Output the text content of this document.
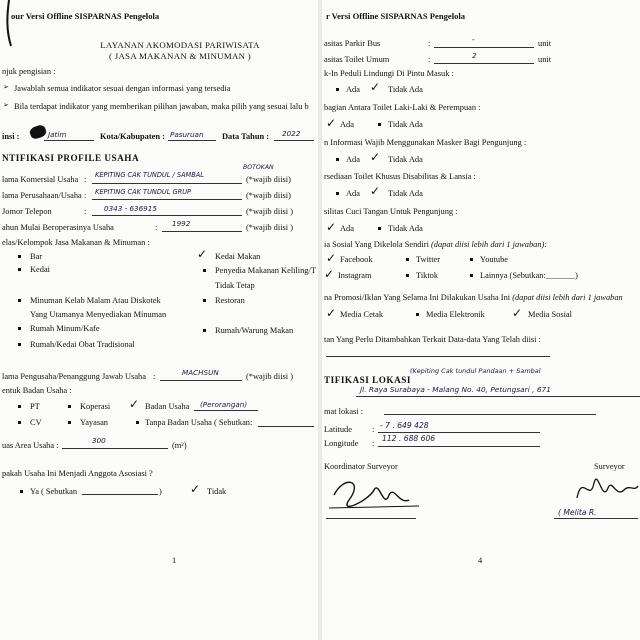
our Versi Offline SISPARNAS Pengelola
LAYANAN AKOMODASI PARIWISATA
( JASA MAKANAN & MINUMAN )
njuk pengisian :
➢ Jawablah semua indikator sesuai dengan informasi yang tersedia
➢ Bila terdapat indikator yang memberikan pilihan jawaban, maka pilih yang sesuai lalu b
insi :	Jatim	Kota/Kabupaten : Pasuruan Data Tahun : 2022
NTIFIKASI PROFILE USAHA
lama Komersial Usaha : KEPITING CAK TUNDUL / SAMBAL
BOTOKAN
(*wajib diisi)
lama Perusahaan/Usaha : KEPITING CAK TUNDUL GRUP	(*wajib diisi)
Jomor Telepon	: 0343 - 636915	(*wajib diisi )
ahun Mulai Beroperasinya Usaha	: 1992	(*wajib diisi )
elas/Kelompok Jasa Makanan & Minuman :
Bar	✓ Kedai Makan
Kedai	Penyedia Makanan Keliling/T
Tidak Tetap
Minuman Kelab Malam Atau Diskotek
Yang Utamanya Menyediakan Minuman
Restoran
Rumah Minum/Kafe	Rumah/Warung Makan
Rumah/Kedai Obat Tradisional
lama Pengusaha/Penanggung Jawab Usaha :	MACHSUN	(*wajib diisi )
entuk Badan Usaha :
PT	Koperasi ✓ Badan Usaha (Perorangan)
CV	Yayasan	Tanpa Badan Usaha ( Sebutkan:
uas Area Usaha :
300
(m²)
pakah Usaha Ini Menjadi Anggota Asosiasi ?
Ya ( Sebutkan	) ✓ Tidak
1
r Versi Offline SISPARNAS Pengelola
asitas Parkir Bus	:	-	unit
asitas Toilet Umum	:	2	unit
k-In Peduli Lindungi Di Pintu Masuk :
Ada ✓ Tidak Ada
bagian Antara Toilet Laki-Laki & Perempuan :
✓ Ada	Tidak Ada
n Informasi Wajib Menggunakan Masker Bagi Pengunjung :
Ada ✓ Tidak Ada
rsediaan Toilet Khusus Disabilitas & Lansia :
Ada ✓ Tidak Ada
silitas Cuci Tangan Untuk Pengunjung :
✓ Ada	Tidak Ada
ia Sosial Yang Dikelola Sendiri (dapat diisi lebih dari 1 jawaban):
✓ Facebook	Twitter	Youtube
✓ Instagram	Tiktok	Lainnya (Sebutkan:_______)
na Promosi/Iklan Yang Selama Ini Dilakukan Usaha Ini (dapat diisi lebih dari 1 jawaban
✓ Media Cetak	Media Elektronik ✓ Media Sosial
tan Yang Perlu Ditambahkan Terkait Data-data Yang Telah diisi :
TIFIKASI LOKASI
(Kepiting Cak tundul Pandaan + Sambal
Jl. Raya Surabaya - Malang No. 40, Petungsari , 671
mat lokasi :
Latitude : - 7 . 649 428
Longitude :
112 . 688 606
Koordinator Surveyor	Surveyor
( Melita R.
4
